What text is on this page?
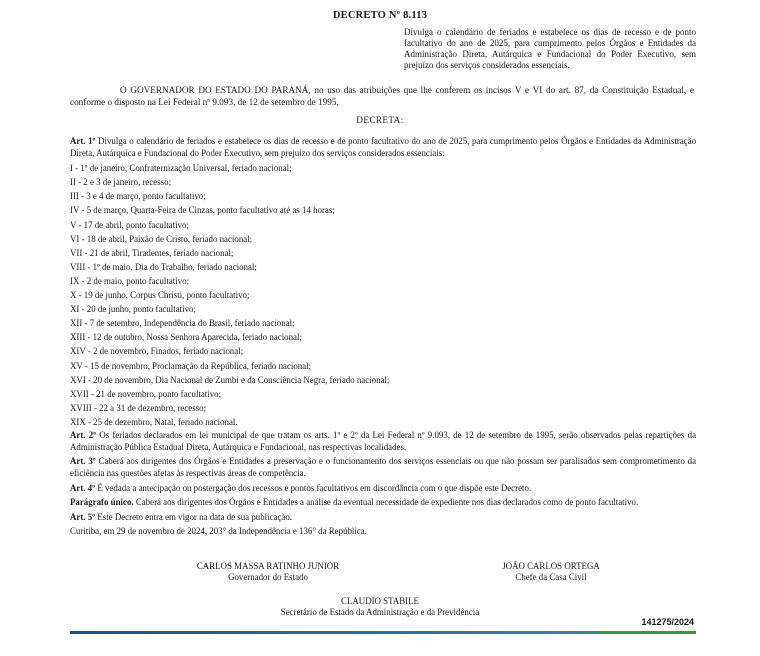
DECRETO Nº 8.113
Divulga o calendário de feriados e estabelece os dias de recesso e de ponto facultativo do ano de 2025, para cumprimento pelos Órgãos e Entidades da Administração Direta, Autárquica e Fundacional do Poder Executivo, sem prejuízo dos serviços considerados essenciais.
O GOVERNADOR DO ESTADO DO PARANÁ, no uso das atribuições que lhe conferem os incisos V e VI do art. 87, da Constituição Estadual, e conforme o disposto na Lei Federal nº 9.093, de 12 de setembro de 1995,
DECRETA:

Art. 1º Divulga o calendário de feriados e estabelece os dias de recesso e de ponto facultativo do ano de 2025, para cumprimento pelos Órgãos e Entidades da Administração Direta, Autárquica e Fundacional do Poder Executivo, sem prejuízo dos serviços considerados essenciais:

I - 1º de janeiro, Confraternização Universal, feriado nacional;
II - 2 e 3 de janeiro, recesso;
III - 3 e 4 de março, ponto facultativo;
IV - 5 de março, Quarta-Feira de Cinzas, ponto facultativo até as 14 horas;
V - 17 de abril, ponto facultativo;
VI - 18 de abril, Paixão de Cristo, feriado nacional;
VII - 21 de abril, Tiradentes, feriado nacional;
VIII - 1º de maio, Dia do Trabalho, feriado nacional;
IX - 2 de maio, ponto facultativo;
X - 19 de junho, Corpus Christi, ponto facultativo;
XI - 20 de junho, ponto facultativo;
XII - 7 de setembro, Independência do Brasil, feriado nacional;
XIII - 12 de outubro, Nossa Senhora Aparecida, feriado nacional;
XIV - 2 de novembro, Finados, feriado nacional;
XV - 15 de novembro, Proclamação da República, feriado nacional;
XVI - 20 de novembro, Dia Nacional de Zumbi e da Consciência Negra, feriado nacional;
XVII - 21 de novembro, ponto facultativo;
XVIII - 22 a 31 de dezembro, recesso;
XIX - 25 de dezembro, Natal, feriado nacional.

Art. 2º Os feriados declarados em lei municipal de que tratam os arts. 1º e 2º da Lei Federal nº 9.093, de 12 de setembro de 1995, serão observados pelas repartições da Administração Pública Estadual Direta, Autárquica e Fundacional, nas respectivas localidades.

Art. 3º Caberá aos dirigentes dos Órgãos e Entidades a preservação e o funcionamento dos serviços essenciais ou que não possam ser paralisados sem comprometimento da eficiência nas questões afetas às respectivas áreas de competência.

Art. 4º É vedada a antecipação ou postergação dos recessos e pontos facultativos em discordância com o que dispõe este Decreto.

Parágrafo único. Caberá aos dirigentes dos Órgãos e Entidades a análise da eventual necessidade de expediente nos dias declarados como de ponto facultativo.

Art. 5º Este Decreto entra em vigor na data de sua publicação.

Curitiba, em 29 de novembro de 2024, 203° da Independência e 136° da República.

CARLOS MASSA RATINHO JUNIOR
Governador do Estado
JOÃO CARLOS ORTEGA
Chefe da Casa Civil
CLAUDIO STABILE
Secretário de Estado da Administração e da Previdência
141275/2024
